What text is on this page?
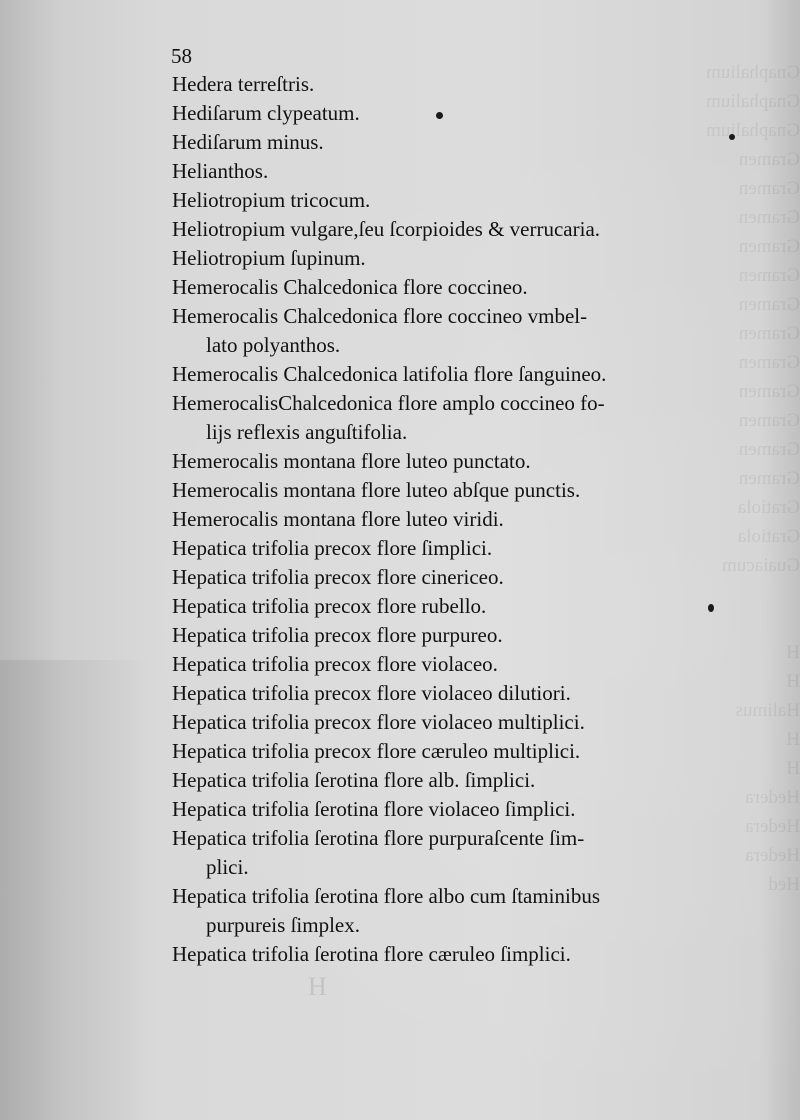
Gnaphalium
Gnaphalium
Gnaphalium
Gramen
Gramen
Gramen
Gramen
Gramen
Gramen
Gramen
Gramen
Gramen
Gramen
Gramen
Gramen
Gratiola
Gratiola
Guaiacum
H
H
Halimus
H
H
Hedera
Hedera
Hedera
Hed
58
Hedera terreſtris.
Hediſarum clypeatum.
Hediſarum minus.
Helianthos.
Heliotropium tricocum.
Heliotropium vulgare,ſeu ſcorpioides & verrucaria.
Heliotropium ſupinum.
Hemerocalis Chalcedonica flore coccineo.
Hemerocalis Chalcedonica flore coccineo vmbel-
lato polyanthos.
Hemerocalis Chalcedonica latifolia flore ſanguineo.
HemerocalisChalcedonica flore amplo coccineo fo-
lijs reflexis anguſtifolia.
Hemerocalis montana flore luteo punctato.
Hemerocalis montana flore luteo abſque punctis.
Hemerocalis montana flore luteo viridi.
Hepatica trifolia precox flore ſimplici.
Hepatica trifolia precox flore cinericeo.
Hepatica trifolia precox flore rubello.
Hepatica trifolia precox flore purpureo.
Hepatica trifolia precox flore violaceo.
Hepatica trifolia precox flore violaceo dilutiori.
Hepatica trifolia precox flore violaceo multiplici.
Hepatica trifolia precox flore cæruleo multiplici.
Hepatica trifolia ſerotina flore alb. ſimplici.
Hepatica trifolia ſerotina flore violaceo ſimplici.
Hepatica trifolia ſerotina flore purpuraſcente ſim-
plici.
Hepatica trifolia ſerotina flore albo cum ſtaminibus
purpureis ſimplex.
Hepatica trifolia ſerotina flore cæruleo ſimplici.
H
